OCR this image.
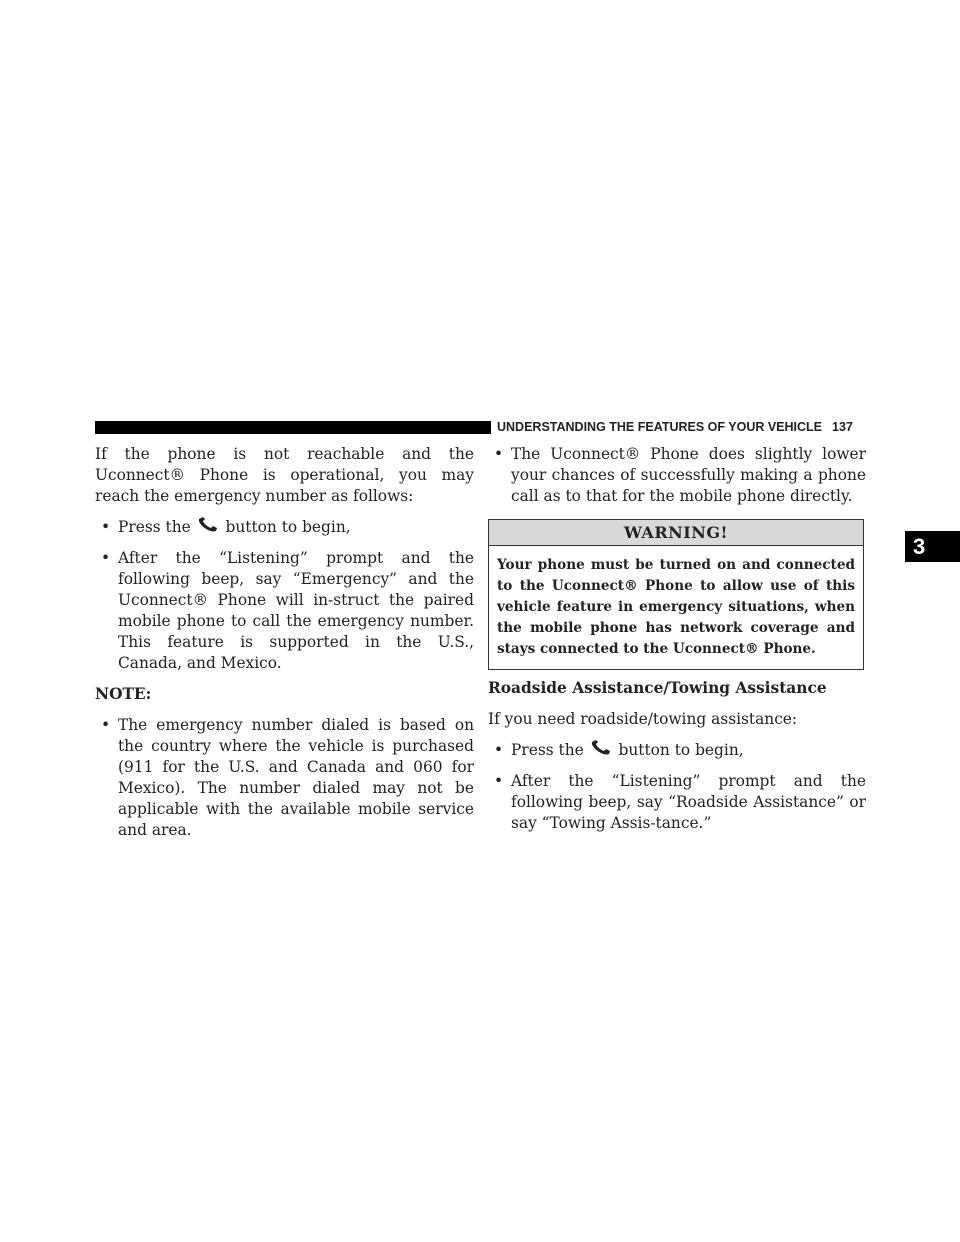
UNDERSTANDING THE FEATURES OF YOUR VEHICLE 137
3

If the phone is not reachable and the Uconnect® Phone is operational, you may reach the emergency number as follows:

• Press the button to begin,

• After the “Listening” prompt and the following beep, say “Emergency” and the Uconnect® Phone will in-struct the paired mobile phone to call the emergency number. This feature is supported in the U.S., Canada, and Mexico.

NOTE:

• The emergency number dialed is based on the country where the vehicle is purchased (911 for the U.S. and Canada and 060 for Mexico). The number dialed may not be applicable with the available mobile service and area.

• The Uconnect® Phone does slightly lower your chances of successfully making a phone call as to that for the mobile phone directly.

WARNING!
Your phone must be turned on and connected to the Uconnect® Phone to allow use of this vehicle feature in emergency situations, when the mobile phone has network coverage and stays connected to the Uconnect® Phone.

Roadside Assistance/Towing Assistance

If you need roadside/towing assistance:

• Press the button to begin,

• After the “Listening” prompt and the following beep, say “Roadside Assistance” or say “Towing Assis-tance.”
